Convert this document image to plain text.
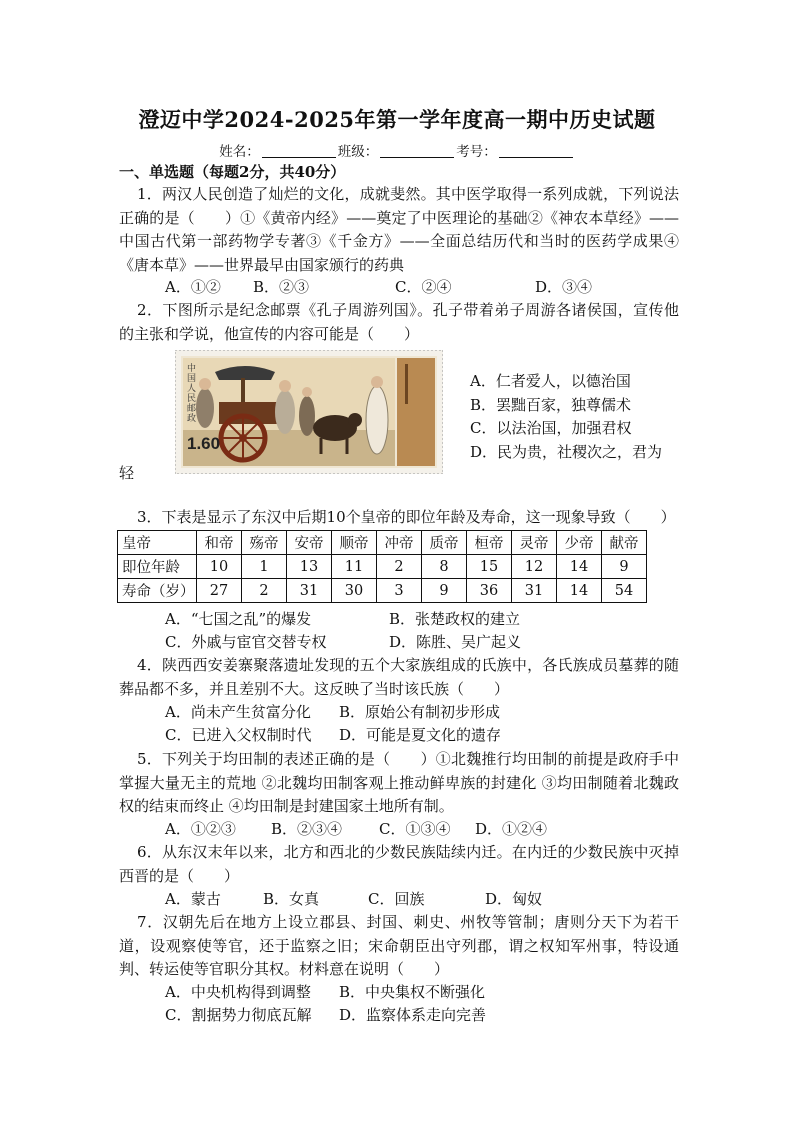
澄迈中学2024-2025年第一学年度高一期中历史试题
姓名：	班级：	考号：
一、单选题（每题2分，共40分）
1．两汉人民创造了灿烂的文化，成就斐然。其中医学取得一系列成就，下列说法正确的是（　　）①《黄帝内经》——奠定了中医理论的基础②《神农本草经》——中国古代第一部药物学专著③《千金方》——全面总结历代和当时的医药学成果④《唐本草》——世界最早由国家颁行的药典
A．①② B．②③	C．②④	D．③④
2．下图所示是纪念邮票《孔子周游列国》。孔子带着弟子周游各诸侯国，宣传他的主张和学说，他宣传的内容可能是（　　）
1.60
中国人民邮政
A．仁者爱人，以德治国
B．罢黜百家，独尊儒术
C．以法治国，加强君权
D．民为贵，社稷次之，君为
轻
3．下表是显示了东汉中后期10个皇帝的即位年龄及寿命，这一现象导致（　　）
皇帝	和帝	殇帝	安帝	顺帝	冲帝	质帝	桓帝	灵帝	少帝	献帝
即位年龄	10	1	13	11	2	8	15	12	14	9
寿命（岁）	27	2	31	30	3	9	36	31	14	54
A．“七国之乱”的爆发	B．张楚政权的建立
C．外戚与宦官交替专权	D．陈胜、吴广起义
4．陕西西安姜寨聚落遗址发现的五个大家族组成的氏族中，各氏族成员墓葬的随葬品都不多，并且差别不大。这反映了当时该氏族（　　）
A．尚未产生贫富分化 B．原始公有制初步形成
C．已进入父权制时代 D．可能是夏文化的遗存
5．下列关于均田制的表述正确的是（　　）①北魏推行均田制的前提是政府手中掌握大量无主的荒地 ②北魏均田制客观上推动鲜卑族的封建化 ③均田制随着北魏政权的结束而终止 ④均田制是封建国家土地所有制。
A．①②③ B．②③④ C．①③④ D．①②④
6．从东汉末年以来，北方和西北的少数民族陆续内迁。在内迁的少数民族中灭掉西晋的是（　　）
A．蒙古	B．女真	C．回族	D．匈奴
7．汉朝先后在地方上设立郡县、封国、刺史、州牧等管制；唐则分天下为若干道，设观察使等官，还于监察之旧；宋命朝臣出守列郡，谓之权知军州事，特设通判、转运使等官职分其权。材料意在说明（　　）
A．中央机构得到调整 B．中央集权不断强化
C．割据势力彻底瓦解 D．监察体系走向完善
